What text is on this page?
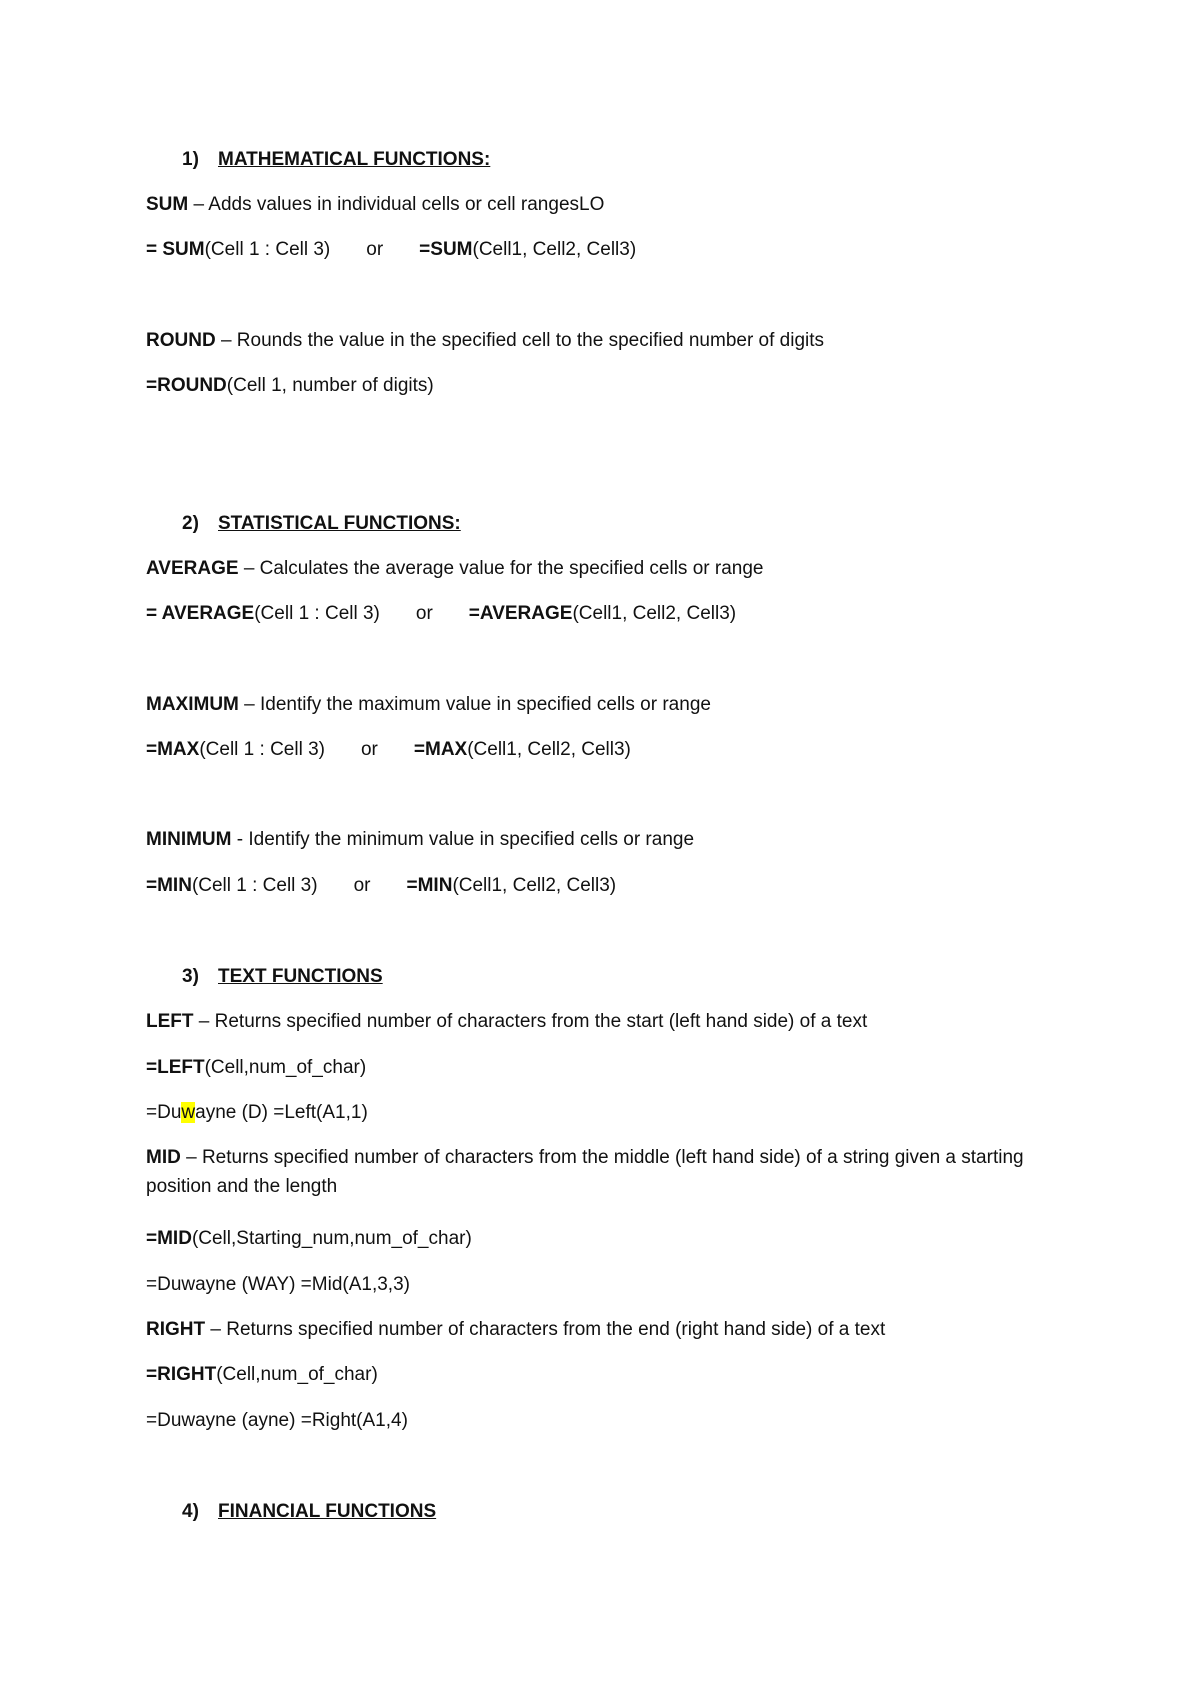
1) MATHEMATICAL FUNCTIONS:
SUM – Adds values in individual cells or cell rangesLO
= SUM(Cell 1 : Cell 3) or =SUM(Cell1, Cell2, Cell3)
ROUND – Rounds the value in the specified cell to the specified number of digits
=ROUND(Cell 1, number of digits)
2) STATISTICAL FUNCTIONS:
AVERAGE – Calculates the average value for the specified cells or range
= AVERAGE(Cell 1 : Cell 3) or =AVERAGE(Cell1, Cell2, Cell3)
MAXIMUM – Identify the maximum value in specified cells or range
=MAX(Cell 1 : Cell 3) or =MAX(Cell1, Cell2, Cell3)
MINIMUM - Identify the minimum value in specified cells or range
=MIN(Cell 1 : Cell 3) or =MIN(Cell1, Cell2, Cell3)
3) TEXT FUNCTIONS
LEFT – Returns specified number of characters from the start (left hand side) of a text
=LEFT(Cell,num_of_char)
=Duwayne (D) =Left(A1,1)
MID – Returns specified number of characters from the middle (left hand side) of a string given a starting position and the length
=MID(Cell,Starting_num,num_of_char)
=Duwayne (WAY) =Mid(A1,3,3)
RIGHT – Returns specified number of characters from the end (right hand side) of a text
=RIGHT(Cell,num_of_char)
=Duwayne (ayne) =Right(A1,4)
4) FINANCIAL FUNCTIONS
